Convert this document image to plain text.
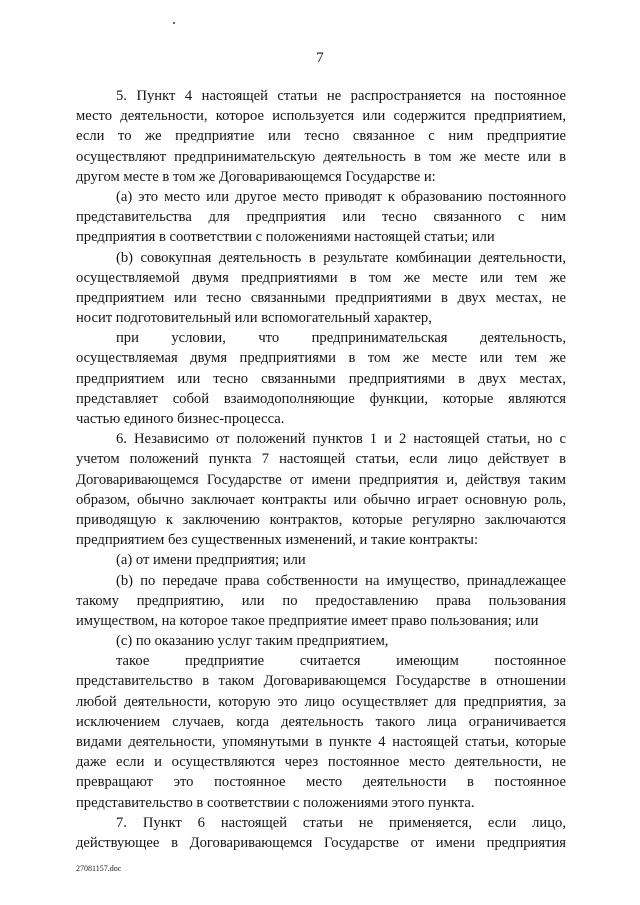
7
5. Пункт 4 настоящей статьи не распространяется на постоянное
место деятельности, которое используется или содержится предприятием,
если то же предприятие или тесно связанное с ним предприятие
осуществляют предпринимательскую деятельность в том же месте или в
другом месте в том же Договаривающемся Государстве и:
(a) это место или другое место приводят к образованию постоянного
представительства для предприятия или тесно связанного с ним
предприятия в соответствии с положениями настоящей статьи; или
(b) совокупная деятельность в результате комбинации деятельности,
осуществляемой двумя предприятиями в том же месте или тем же
предприятием или тесно связанными предприятиями в двух местах, не
носит подготовительный или вспомогательный характер,
при условии, что предпринимательская деятельность,
осуществляемая двумя предприятиями в том же месте или тем же
предприятием или тесно связанными предприятиями в двух местах,
представляет собой взаимодополняющие функции, которые являются
частью единого бизнес-процесса.
6. Независимо от положений пунктов 1 и 2 настоящей статьи, но с
учетом положений пункта 7 настоящей статьи, если лицо действует в
Договаривающемся Государстве от имени предприятия и, действуя таким
образом, обычно заключает контракты или обычно играет основную роль,
приводящую к заключению контрактов, которые регулярно заключаются
предприятием без существенных изменений, и такие контракты:
(a) от имени предприятия; или
(b) по передаче права собственности на имущество, принадлежащее
такому предприятию, или по предоставлению права пользования
имуществом, на которое такое предприятие имеет право пользования; или
(c) по оказанию услуг таким предприятием,
такое предприятие считается имеющим постоянное
представительство в таком Договаривающемся Государстве в отношении
любой деятельности, которую это лицо осуществляет для предприятия, за
исключением случаев, когда деятельность такого лица ограничивается
видами деятельности, упомянутыми в пункте 4 настоящей статьи, которые
даже если и осуществляются через постоянное место деятельности, не
превращают это постоянное место деятельности в постоянное
представительство в соответствии с положениями этого пункта.
7. Пункт 6 настоящей статьи не применяется, если лицо,
действующее в Договаривающемся Государстве от имени предприятия
27081157.doc
